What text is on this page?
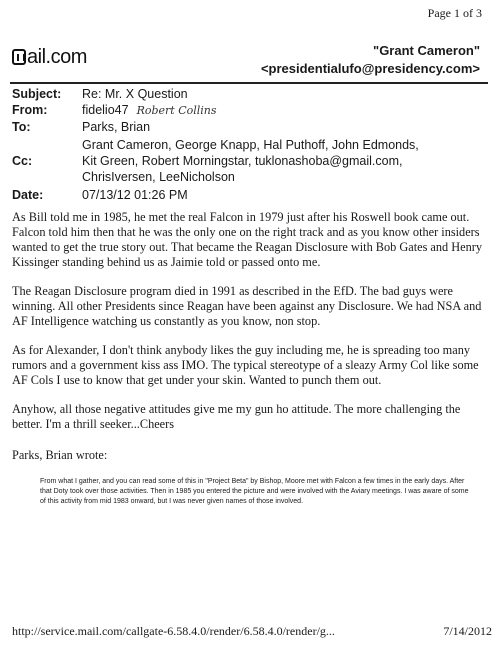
Page 1 of 3
ail.com	"Grant Cameron"
<presidentialufo@presidency.com>
Subject:	Re: Mr. X Question
From:	fidelio47 Robert Collins
To:	Parks, Brian
Cc:
Grant Cameron, George Knapp, Hal Puthoff, John Edmonds,
Kit Green, Robert Morningstar, tuklonashoba@gmail.com,
ChrisIversen, LeeNicholson
Date:	07/13/12 01:26 PM

As Bill told me in 1985, he met the real Falcon in 1979 just after his Roswell book came out. Falcon told him then that he was the only one on the right track and as you know other insiders wanted to get the true story out. That became the Reagan Disclosure with Bob Gates and Henry Kissinger standing behind us as Jaimie told or passed onto me.

The Reagan Disclosure program died in 1991 as described in the EfD. The bad guys were winning. All other Presidents since Reagan have been against any Disclosure. We had NSA and AF Intelligence watching us constantly as you know, non stop.

As for Alexander, I don't think anybody likes the guy including me, he is spreading too many rumors and a government kiss ass IMO. The typical stereotype of a sleazy Army Col like some AF Cols I use to know that get under your skin. Wanted to punch them out.

Anyhow, all those negative attitudes give me my gun ho attitude. The more challenging the better. I'm a thrill seeker...Cheers

Parks, Brian wrote:

From what I gather, and you can read some of this in "Project Beta" by Bishop, Moore met with Falcon a few times in the early days. After that Doty took over those activities. Then in 1985 you entered the picture and were involved with the Aviary meetings. I was aware of some of this activity from mid 1983 onward, but I was never given names of those involved.
http://service.mail.com/callgate-6.58.4.0/render/6.58.4.0/render/g...	7/14/2012
